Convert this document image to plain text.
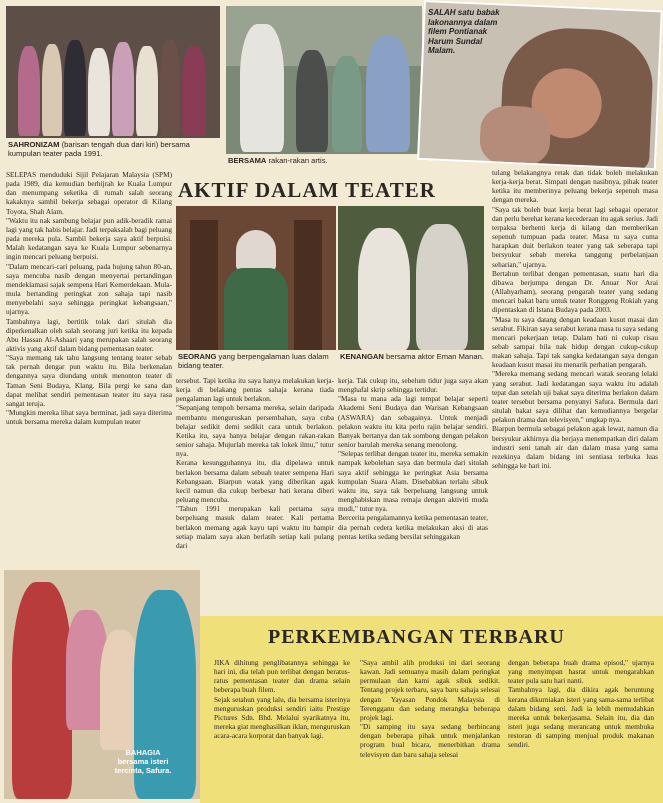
SAHRONIZAM (barisan tengah dua dari kiri) bersama kumpulan teater pada 1991.
BERSAMA rakan-rakan artis.
SALAH satu babak lakonannya dalam filem Pontianak Harum Sundal Malam.
AKTIF DALAM TEATER
SELEPAS menduduki Sijil Pelajaran Malaysia (SPM) pada 1989, dia kemudian berhijrah ke Kuala Lumpur dan menumpang seketika di rumah salah seorang kakaknya sambil bekerja sebagai operator di Kilang Toyota, Shah Alam.
"Waktu itu nak sambung belajar pun adik-beradik ramai lagi yang tak habis belajar. Jadi terpaksalah bagi peluang pada mereka pula. Sambil bekerja saya aktif berpuisi. Malah kedatangan saya ke Kuala Lumpur sebenarnya ingin mencari peluang berpuisi.
"Dalam mencari-cari peluang, pada hujung tahun 80-an, saya mencuba nasib dengan menyertai pertandingan mendeklamasi sajak sempena Hari Kemerdekaan. Mula-mula bertanding peringkat zon sahaja tapi nasib menyebelahi saya sehingga peringkat kebangsaan," ujarnya.
Tambahnya lagi, bertitik tolak dari situlah dia diperkenalkan oleh salah seorang juri ketika itu kepada Abu Hassan Al-Ashaari yang merupakan salah seorang aktivis yang aktif dalam bidang pementasan teater.
"Saya memang tak tahu langsung tentang teater sebab tak pernah dengar pun waktu itu. Bila berkenalan dengannya saya diundang untuk menonton teater di Taman Seni Budaya, Klang. Bila pergi ke sana dan dapat melihat sendiri pementasan teater itu saya rasa sangat teruja.
"Mungkin mereka lihat saya berminat, jadi saya diterima untuk bersama mereka dalam kumpulan teater
SEORANG yang berpengalaman luas dalam bidang teater.
KENANGAN bersama aktor Eman Manan.
tersebut. Tapi ketika itu saya hanya melakukan kerja-kerja di belakang pentas sahaja kerana tiada pengalaman lagi untuk berlakon.
"Sepanjang tempoh bersama mereka, selain daripada membantu menguruskan persembahan, saya cuba belajar sedikit demi sedikit cara untuk berlakon. Ketika itu, saya hanya belajar dengan rakan-rakan senior sahaja. Mujurlah mereka tak lokek ilmu," tutur nya.
Kerana kesungguhannya itu, dia dipelawa untuk berlakon bersama dalam sebuah teater sempena Hari Kebangsaan. Biarpun watak yang diberikan agak kecil namun dia cukup berbesar hati kerana diberi peluang mencuba.
"Tahun 1991 merupakan kali pertama saya berpeluang masuk dalam teater. Kali pertama berlakon memang agak kayu tapi waktu itu hampir setiap malam saya akan berlatih setiap kali pulang dari
kerja. Tak cukup itu, sebelum tidur juga saya akan menghafal skrip sehingga tertidur.
"Masa tu mana ada lagi tempat belajar seperti Akademi Seni Budaya dan Warisan Kebangsaan (ASWARA) dan sebagainya. Untuk menjadi pelakon waktu itu kita perlu rajin belajar sendiri. Banyak bertanya dan tak sombong dengan pelakon senior barulah mereka senang menolong.
"Selepas terlibat dengan teater itu, mereka semakin nampak kebolehan saya dan bermula dari situlah saya aktif sehingga ke peringkat Asia bersama kumpulan Suara Alam. Disebabkan terlalu sibuk waktu itu, saya tak berpeluang langsung untuk menghabiskan masa remaja dengan aktiviti muda mudi," tutur nya.
Bercerita pengalamannya ketika pementasan teater, dia pernah cedera ketika melakukan aksi di atas pentas ketika sedang bersilat sehinggakan
tulang belakangnya retak dan tidak boleh melakukan kerja-kerja berat. Simpati dengan nasibnya, pihak teater ketika itu memberinya peluang bekerja sepenuh masa dengan mereka.
"Saya tak boleh buat kerja berat lagi sebagai operator dan perlu berehat kerana kecederaan itu agak serius. Jadi terpaksa berhenti kerja di kilang dan memberikan sepenuh tumpuan pada teater. Masa tu saya cuma harapkan duit berlakon teater yang tak seberapa tapi bersyukur sebab mereka tanggung perbelanjaan seharian," ujarnya.
Bertahun terlibat dengan pementasan, suatu hari dia dibawa berjumpa dengan Dr. Anuar Nor Arai (Allahyarham), seorang pengarah teater yang sedang mencari bakat baru untuk teater Ronggeng Rokiah yang dipentaskan di Istana Budaya pada 2003.
"Masa tu saya datang dengan keadaan kusut masai dan serabut. Fikiran saya serabut kerana masa tu saya sedang mencari pekerjaan tetap. Dalam hati ni cukup risau sebab sampai bila nak hidup dengan cukup-cukup makan sahaja. Tapi tak sangka kedatangan saya dengan keadaan kusut masai itu menarik perhatian pengarah.
"Mereka memang sedang mencari watak seorang lelaki yang serabut. Jadi kedatangan saya waktu itu adalah tepat dan setelah uji bakat saya diterima berlakon dalam teater tersebut bersama penyanyi Safura. Bermula dari situlah bakat saya dilihat dan kemudiannya bergelar pelakon drama dan televisyen," ungkap nya.
Biarpun bermula sebagai pelakon agak lewat, namun dia bersyukur akhirnya dia berjaya menempatkan diri dalam industri seni tanah air dan dalam masa yang sama rezekinya dalam bidang ini sentiasa terbuka luas sehingga ke hari ini.
BAHAGIA bersama isteri tercinta, Safura.
PERKEMBANGAN TERBARU
JIKA dihitung penglibatannya sehingga ke hari ini, dia telah pun terlibat dengan beratus-ratus pementasan teater dan drama selain beberapa buah filem.
Sejak setahun yang lalu, dia bersama isterinya menguruskan produksi sendiri iaitu Prestige Pictures Sdn. Bhd. Melalui syarikatnya itu, mereka giat menghasilkan iklan, menguruskan acara-acara korporat dan banyak lagi.
"Saya ambil alih produksi ini dari seorang kawan. Jadi semuanya masih dalam peringkat permulaan dan kami agak sibuk sedikit. Tentang projek terbaru, saya baru sahaja selesai dengan Yayasan Pondok Malaysia di Terengganu dan sedang merangka beberapa projek lagi.
"Di samping itu saya sedang berbincang dengan beberapa pihak untuk menjalankan program bual bicara, menerbitkan drama televisyen dan baru sahaja selesai
dengan beberapa buah drama episod," ujarnya yang menyimpan hasrat untuk mengarahkan teater pula satu hari nanti.
Tambahnya lagi, dia dikira agak beruntung kerana dikurniakan isteri yang sama-sama terlibat dalam bidang seni. Jadi ia lebih memudahkan mereka untuk bekerjasama. Selain itu, dia dan isteri juga sedang merancang untuk membuka restoran di samping menjual produk makanan sendiri.
